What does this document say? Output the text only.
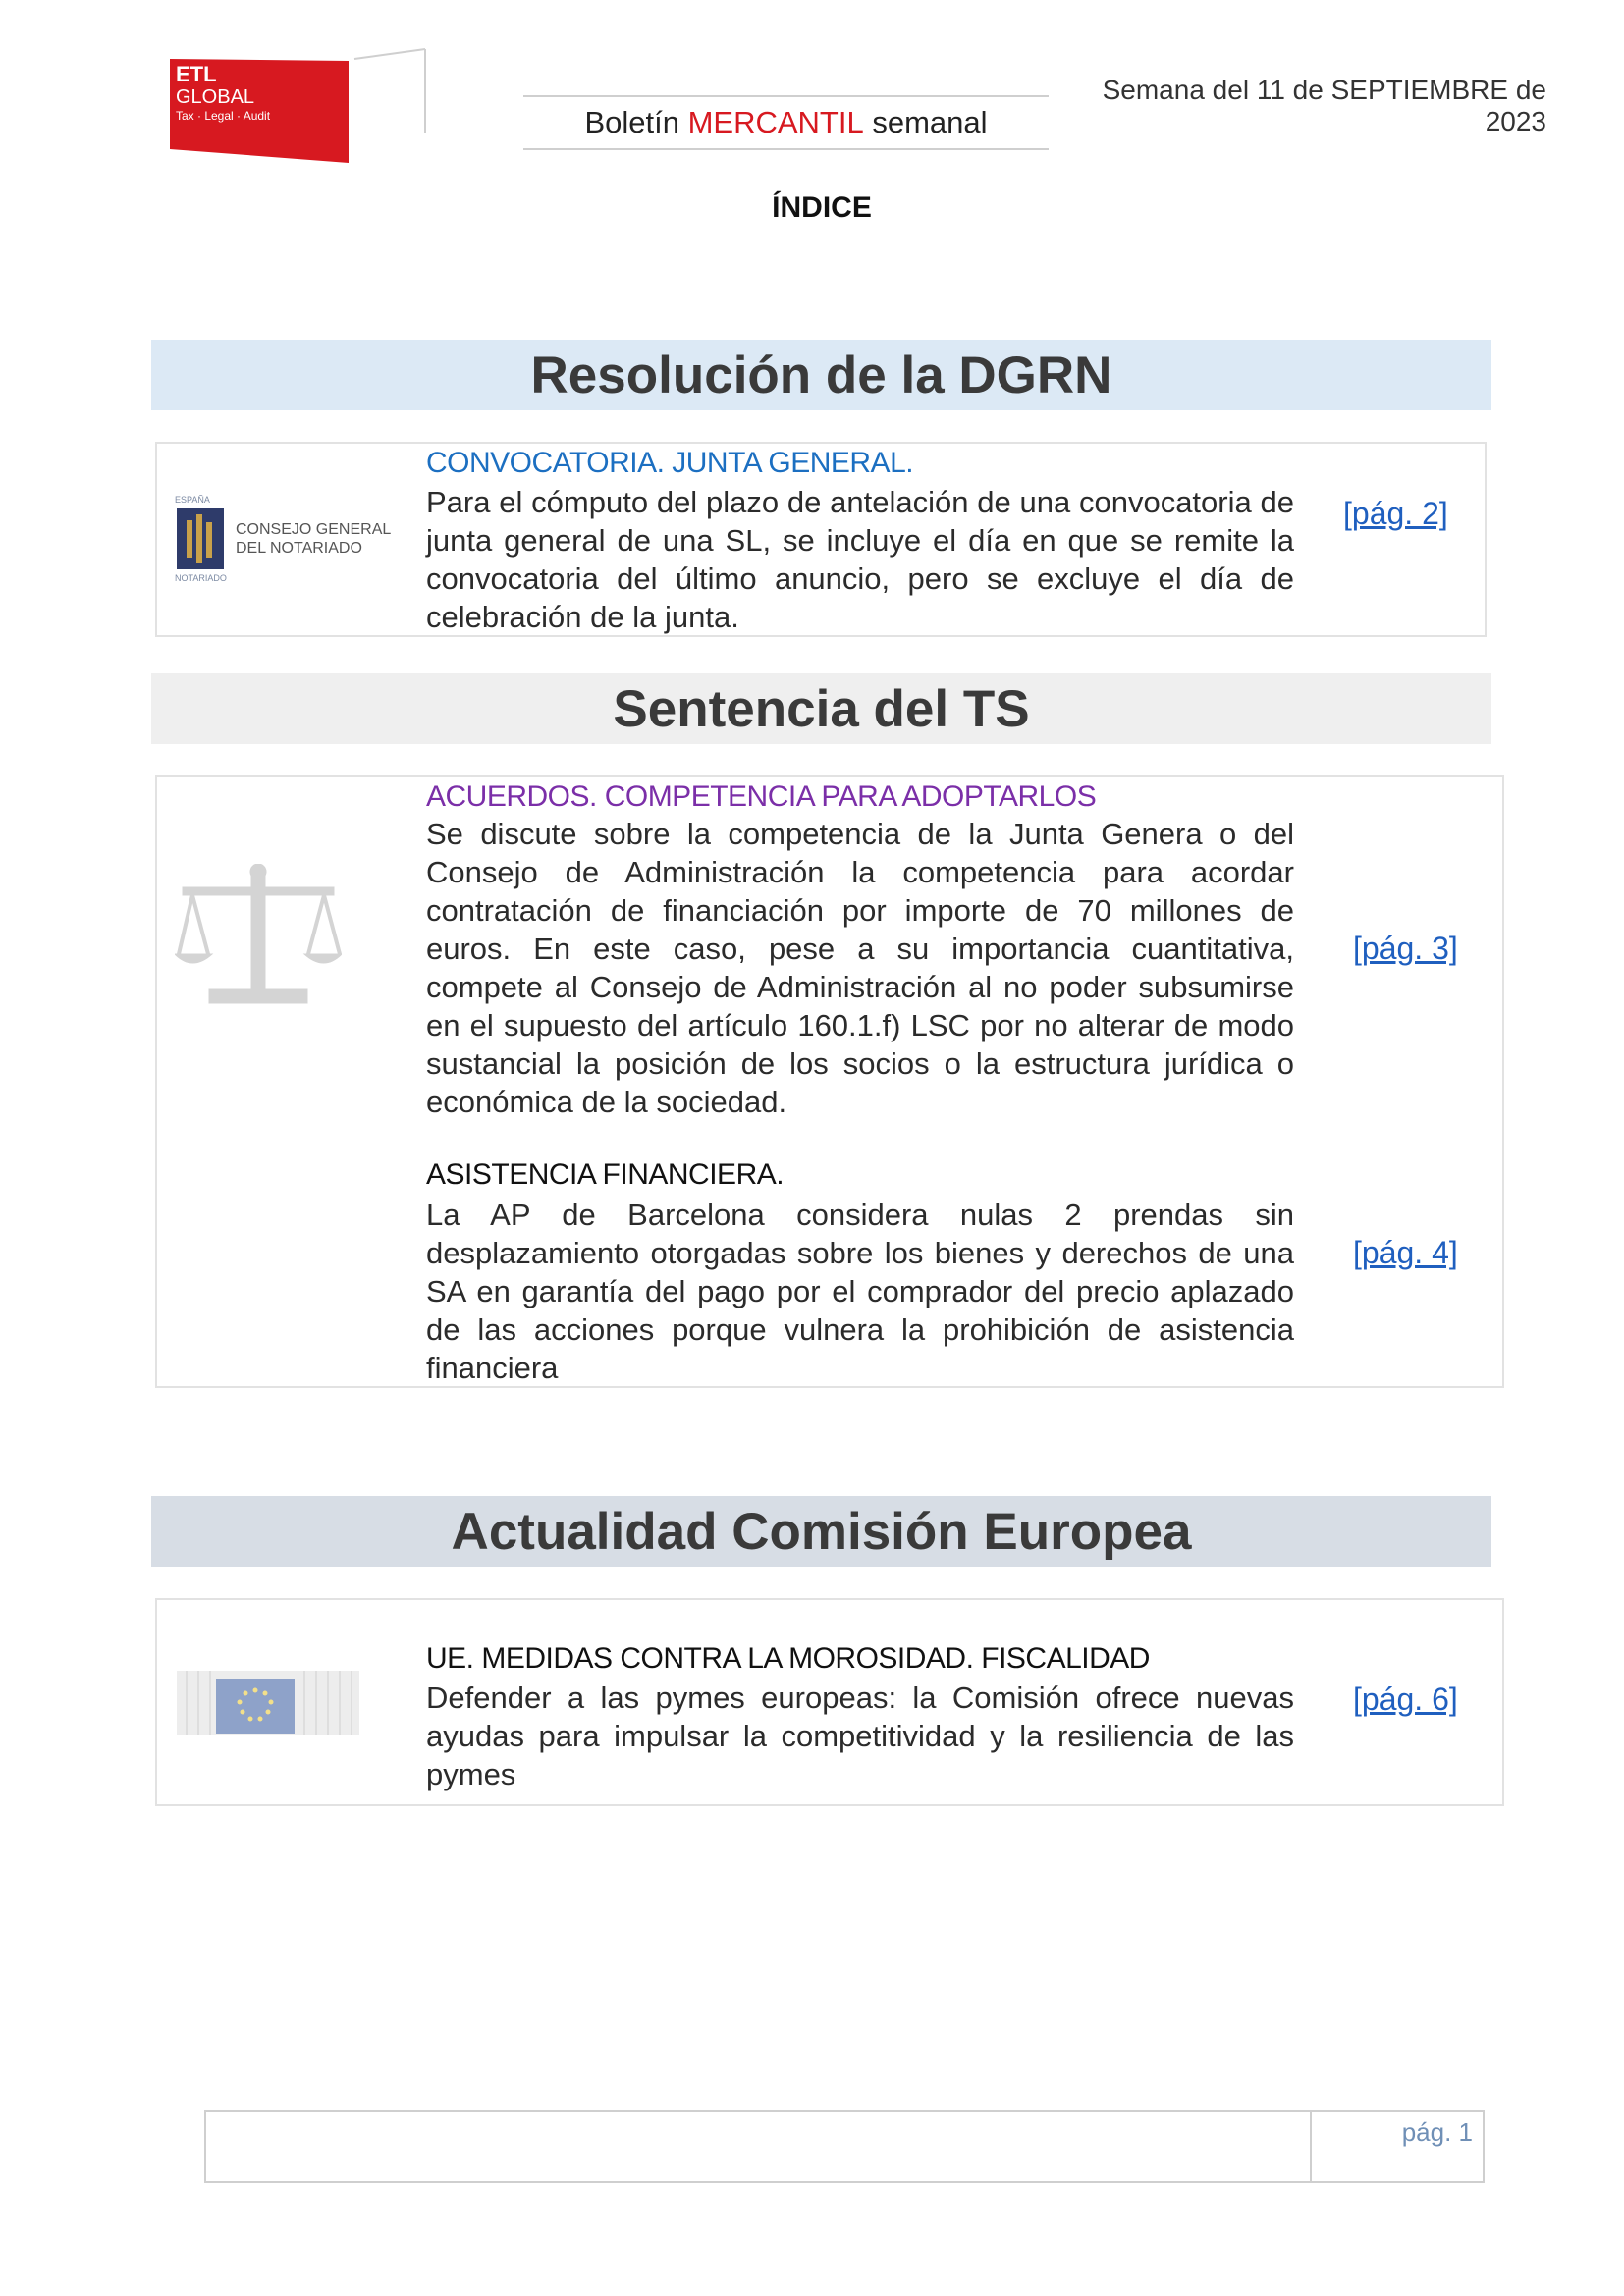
ETL
GLOBAL
Tax · Legal · Audit	Boletín MERCANTIL semanal
Semana del 11 de SEPTIEMBRE de 2023
ÍNDICE
Resolución de la DGRN
ESPAÑA
NOTARIADO
CONSEJO GENERAL
DEL NOTARIADO
CONVOCATORIA. JUNTA GENERAL.
Para el cómputo del plazo de antelación de una convocatoria de junta general de una SL, se incluye el día en que se remite la convocatoria del último anuncio, pero se excluye el día de celebración de la junta.
[pág. 2]
Sentencia del TS
ACUERDOS. COMPETENCIA PARA ADOPTARLOS
Se discute sobre la competencia de la Junta Genera o del Consejo de Administración la competencia para acordar contratación de financiación por importe de 70 millones de euros. En este caso, pese a su importancia cuantitativa, compete al Consejo de Administración al no poder subsumirse en el supuesto del artículo 160.1.f) LSC por no alterar de modo sustancial la posición de los socios o la estructura jurídica o económica de la sociedad.
[pág. 3]
ASISTENCIA FINANCIERA.
La AP de Barcelona considera nulas 2 prendas sin desplazamiento otorgadas sobre los bienes y derechos de una SA en garantía del pago por el comprador del precio aplazado de las acciones porque vulnera la prohibición de asistencia financiera
[pág. 4]
Actualidad Comisión Europea
UE. MEDIDAS CONTRA LA MOROSIDAD. FISCALIDAD
Defender a las pymes europeas: la Comisión ofrece nuevas ayudas para impulsar la competitividad y la resiliencia de las pymes
[pág. 6]
pág. 1
